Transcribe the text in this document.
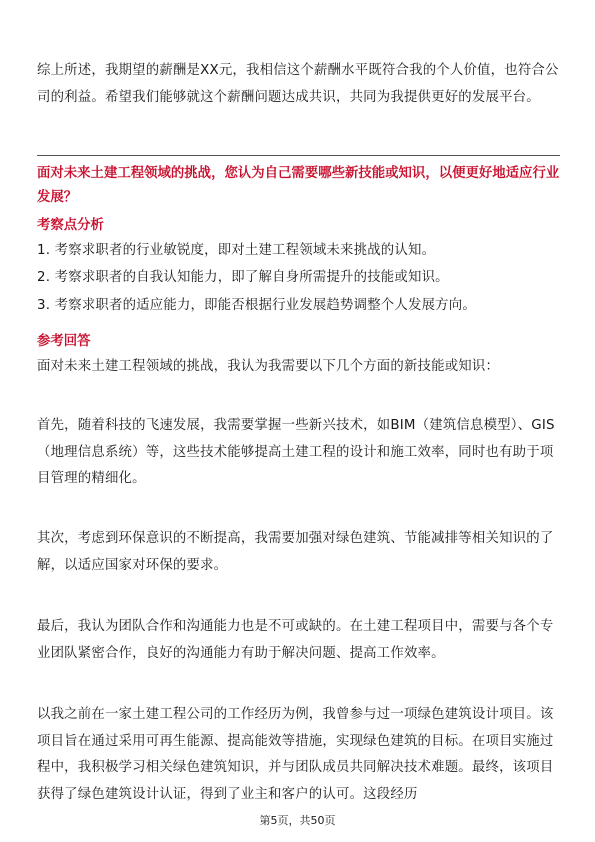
综上所述，我期望的薪酬是XX元，我相信这个薪酬水平既符合我的个人价值，也符合公司的利益。希望我们能够就这个薪酬问题达成共识，共同为我提供更好的发展平台。

面对未来土建工程领域的挑战，您认为自己需要哪些新技能或知识，以便更好地适应行业发展？

考察点分析

1. 考察求职者的行业敏锐度，即对土建工程领域未来挑战的认知。

2. 考察求职者的自我认知能力，即了解自身所需提升的技能或知识。

3. 考察求职者的适应能力，即能否根据行业发展趋势调整个人发展方向。

参考回答

面对未来土建工程领域的挑战，我认为我需要以下几个方面的新技能或知识：

首先，随着科技的飞速发展，我需要掌握一些新兴技术，如BIM（建筑信息模型）、GIS（地理信息系统）等，这些技术能够提高土建工程的设计和施工效率，同时也有助于项目管理的精细化。

其次，考虑到环保意识的不断提高，我需要加强对绿色建筑、节能减排等相关知识的了解，以适应国家对环保的要求。

最后，我认为团队合作和沟通能力也是不可或缺的。在土建工程项目中，需要与各个专业团队紧密合作，良好的沟通能力有助于解决问题、提高工作效率。

以我之前在一家土建工程公司的工作经历为例，我曾参与过一项绿色建筑设计项目。该项目旨在通过采用可再生能源、提高能效等措施，实现绿色建筑的目标。在项目实施过程中，我积极学习相关绿色建筑知识，并与团队成员共同解决技术难题。最终，该项目获得了绿色建筑设计认证，得到了业主和客户的认可。这段经历

第5页，共50页
